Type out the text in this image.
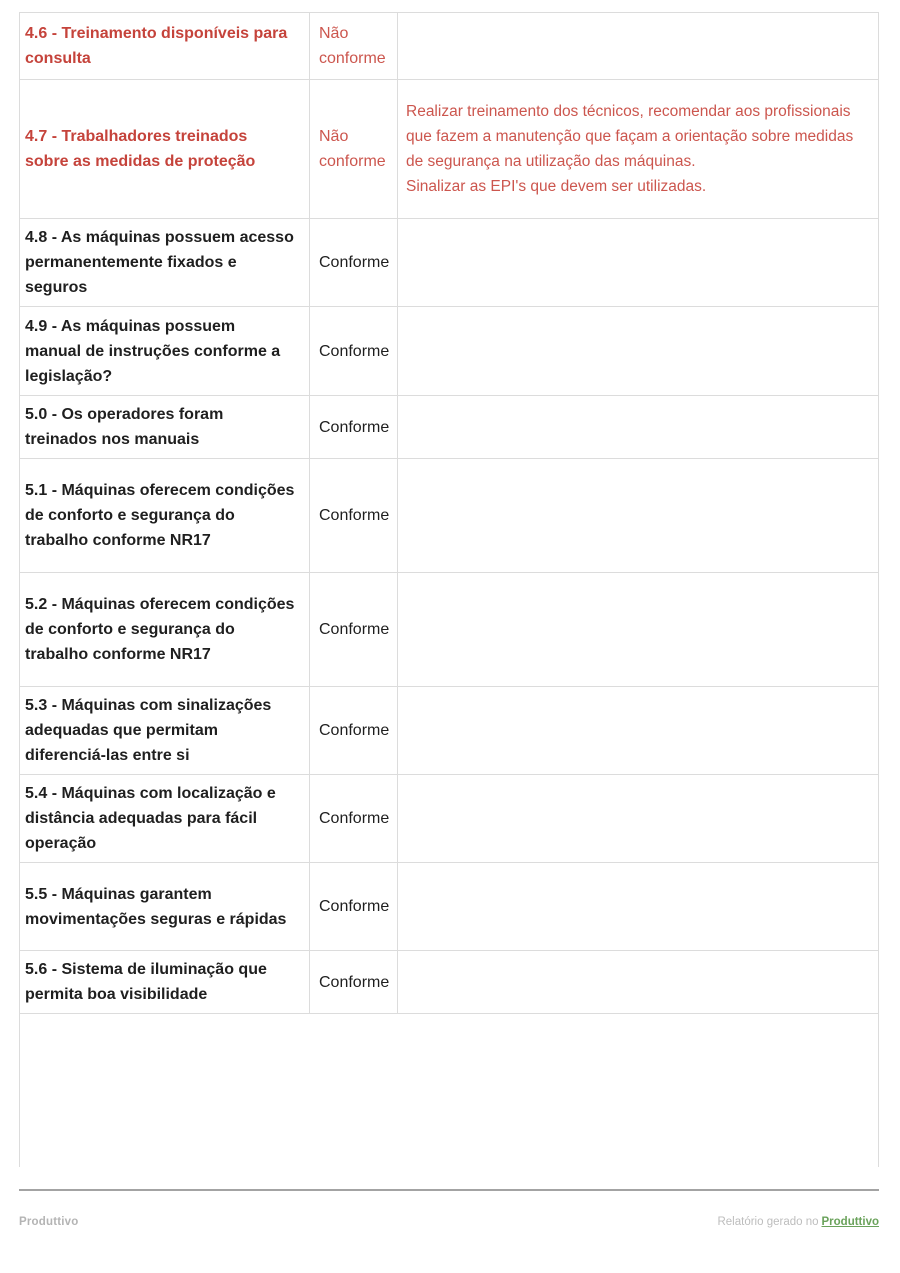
4.6 - Treinamento disponíveis para consulta
Não conforme
4.7 - Trabalhadores treinados sobre as medidas de proteção
Não conforme
Realizar treinamento dos técnicos, recomendar aos profissionais que fazem a manutenção que façam a orientação sobre medidas de segurança na utilização das máquinas.
Sinalizar as EPI's que devem ser utilizadas.
4.8 - As máquinas possuem acesso permanentemente fixados e seguros
Conforme
4.9 - As máquinas possuem manual de instruções conforme a legislação?
Conforme
5.0 - Os operadores foram treinados nos manuais
Conforme
5.1 - Máquinas oferecem condições de conforto e segurança do trabalho conforme NR17
Conforme
5.2 - Máquinas oferecem condições de conforto e segurança do trabalho conforme NR17
Conforme
5.3 - Máquinas com sinalizações adequadas que permitam diferenciá-las entre si
Conforme
5.4 - Máquinas com localização e distância adequadas para fácil operação
Conforme
5.5 - Máquinas garantem movimentações seguras e rápidas
Conforme
5.6 - Sistema de iluminação que permita boa visibilidade
Conforme
Produttivo	Relatório gerado no Produttivo
